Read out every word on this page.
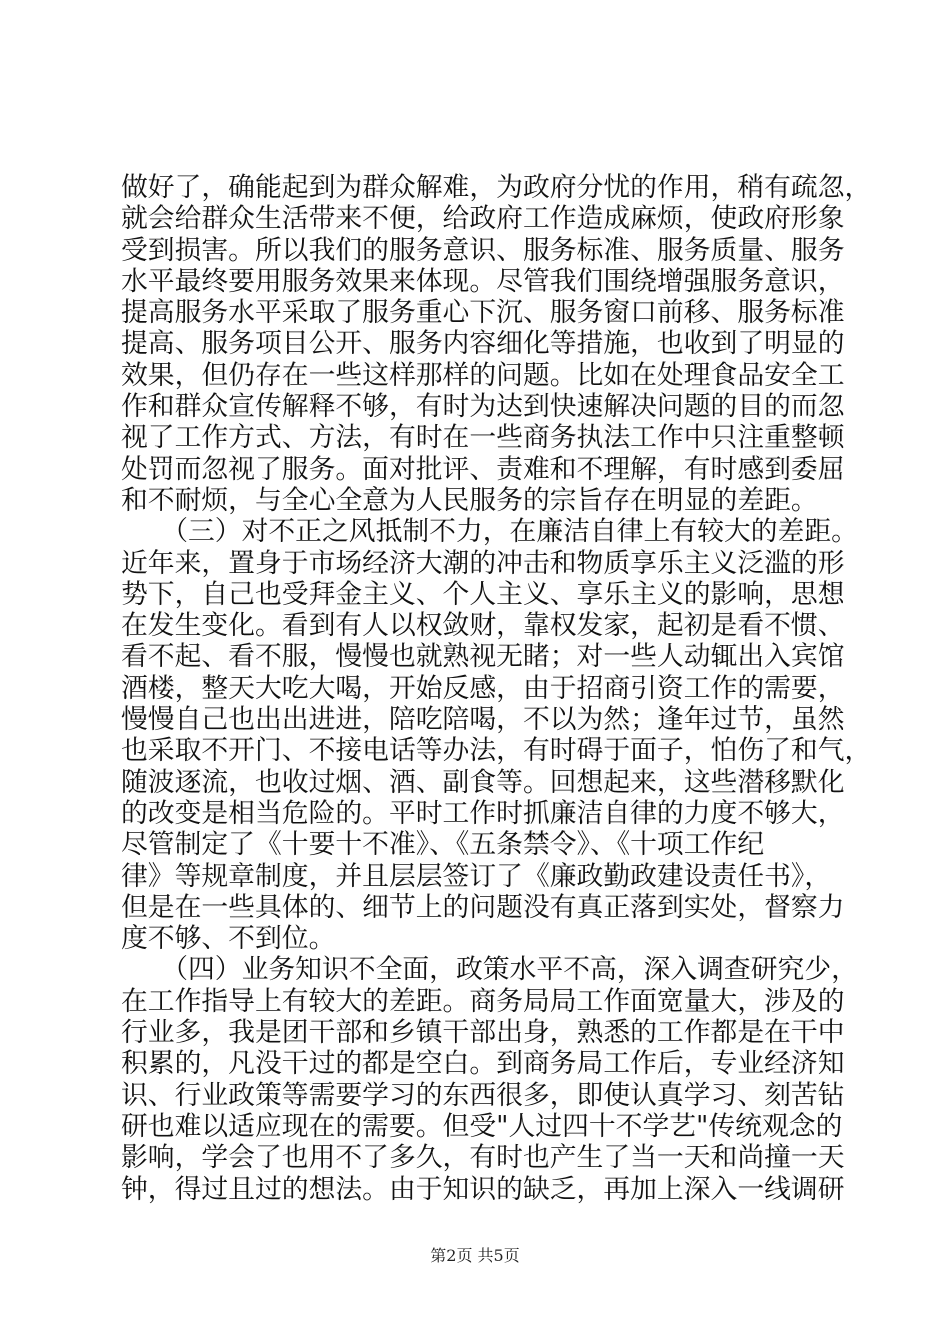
做好了，确能起到为群众解难，为政府分忧的作用，稍有疏忽，
就会给群众生活带来不便，给政府工作造成麻烦，使政府形象
受到损害。所以我们的服务意识、服务标准、服务质量、服务
水平最终要用服务效果来体现。尽管我们围绕增强服务意识，
提高服务水平采取了服务重心下沉、服务窗口前移、服务标准
提高、服务项目公开、服务内容细化等措施，也收到了明显的
效果，但仍存在一些这样那样的问题。比如在处理食品安全工
作和群众宣传解释不够，有时为达到快速解决问题的目的而忽
视了工作方式、方法，有时在一些商务执法工作中只注重整顿
处罚而忽视了服务。面对批评、责难和不理解，有时感到委屈
和不耐烦，与全心全意为人民服务的宗旨存在明显的差距。
　　（三）对不正之风抵制不力，在廉洁自律上有较大的差距。
近年来，置身于市场经济大潮的冲击和物质享乐主义泛滥的形
势下，自己也受拜金主义、个人主义、享乐主义的影响，思想
在发生变化。看到有人以权敛财，靠权发家，起初是看不惯、
看不起、看不服，慢慢也就熟视无睹；对一些人动辄出入宾馆
酒楼，整天大吃大喝，开始反感，由于招商引资工作的需要，
慢慢自己也出出进进，陪吃陪喝，不以为然；逢年过节，虽然
也采取不开门、不接电话等办法，有时碍于面子，怕伤了和气，
随波逐流，也收过烟、酒、副食等。回想起来，这些潜移默化
的改变是相当危险的。平时工作时抓廉洁自律的力度不够大，
尽管制定了《十要十不准》、《五条禁令》、《十项工作纪
律》等规章制度，并且层层签订了《廉政勤政建设责任书》，
但是在一些具体的、细节上的问题没有真正落到实处，督察力
度不够、不到位。
　　（四）业务知识不全面，政策水平不高，深入调查研究少，
在工作指导上有较大的差距。商务局局工作面宽量大，涉及的
行业多，我是团干部和乡镇干部出身，熟悉的工作都是在干中
积累的，凡没干过的都是空白。到商务局工作后，专业经济知
识、行业政策等需要学习的东西很多，即使认真学习、刻苦钻
研也难以适应现在的需要。但受"人过四十不学艺"传统观念的
影响，学会了也用不了多久，有时也产生了当一天和尚撞一天
钟，得过且过的想法。由于知识的缺乏，再加上深入一线调研
第2页 共5页
